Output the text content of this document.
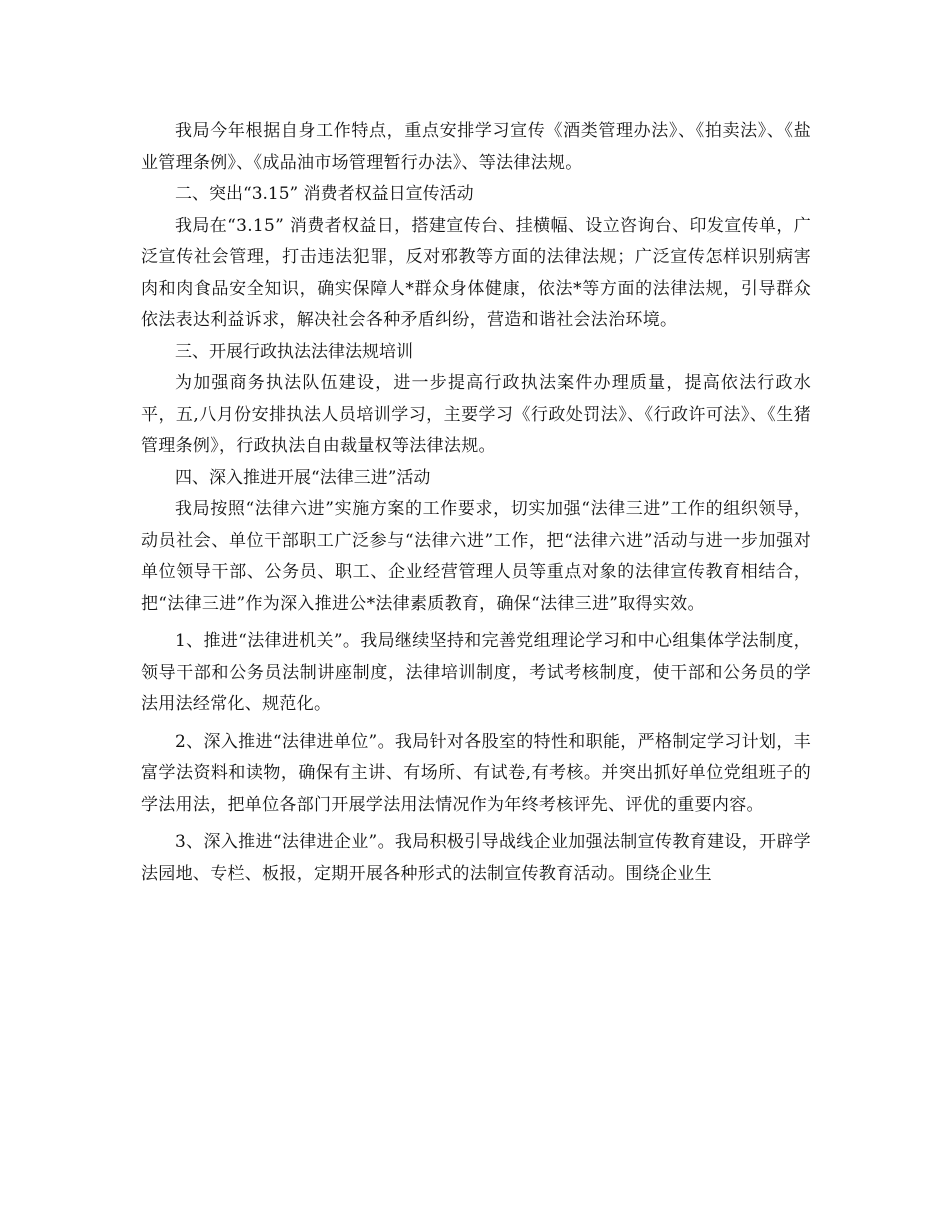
我局今年根据自身工作特点，重点安排学习宣传《酒类管理办法》、《拍卖法》、《盐业管理条例》、《成品油市场管理暂行办法》、等法律法规。

二、突出“3.15” 消费者权益日宣传活动

我局在“3.15” 消费者权益日，搭建宣传台、挂横幅、设立咨询台、印发宣传单，广泛宣传社会管理，打击违法犯罪，反对邪教等方面的法律法规；广泛宣传怎样识别病害肉和肉食品安全知识，确实保障人*群众身体健康，依法*等方面的法律法规，引导群众依法表达利益诉求，解决社会各种矛盾纠纷，营造和谐社会法治环境。

三、开展行政执法法律法规培训

为加强商务执法队伍建设，进一步提高行政执法案件办理质量，提高依法行政水平，五,八月份安排执法人员培训学习，主要学习《行政处罚法》、《行政许可法》、《生猪管理条例》，行政执法自由裁量权等法律法规。

四、深入推进开展“法律三进”活动

我局按照“法律六进”实施方案的工作要求，切实加强“法律三进”工作的组织领导，动员社会、单位干部职工广泛参与“法律六进”工作，把“法律六进”活动与进一步加强对单位领导干部、公务员、职工、企业经营管理人员等重点对象的法律宣传教育相结合，把“法律三进”作为深入推进公*法律素质教育，确保“法律三进”取得实效。

1、推进“法律进机关”。我局继续坚持和完善党组理论学习和中心组集体学法制度，领导干部和公务员法制讲座制度，法律培训制度，考试考核制度，使干部和公务员的学法用法经常化、规范化。

2、深入推进“法律进单位”。我局针对各股室的特性和职能，严格制定学习计划，丰富学法资料和读物，确保有主讲、有场所、有试卷,有考核。并突出抓好单位党组班子的学法用法，把单位各部门开展学法用法情况作为年终考核评先、评优的重要内容。

3、深入推进“法律进企业”。我局积极引导战线企业加强法制宣传教育建设，开辟学法园地、专栏、板报，定期开展各种形式的法制宣传教育活动。围绕企业生
